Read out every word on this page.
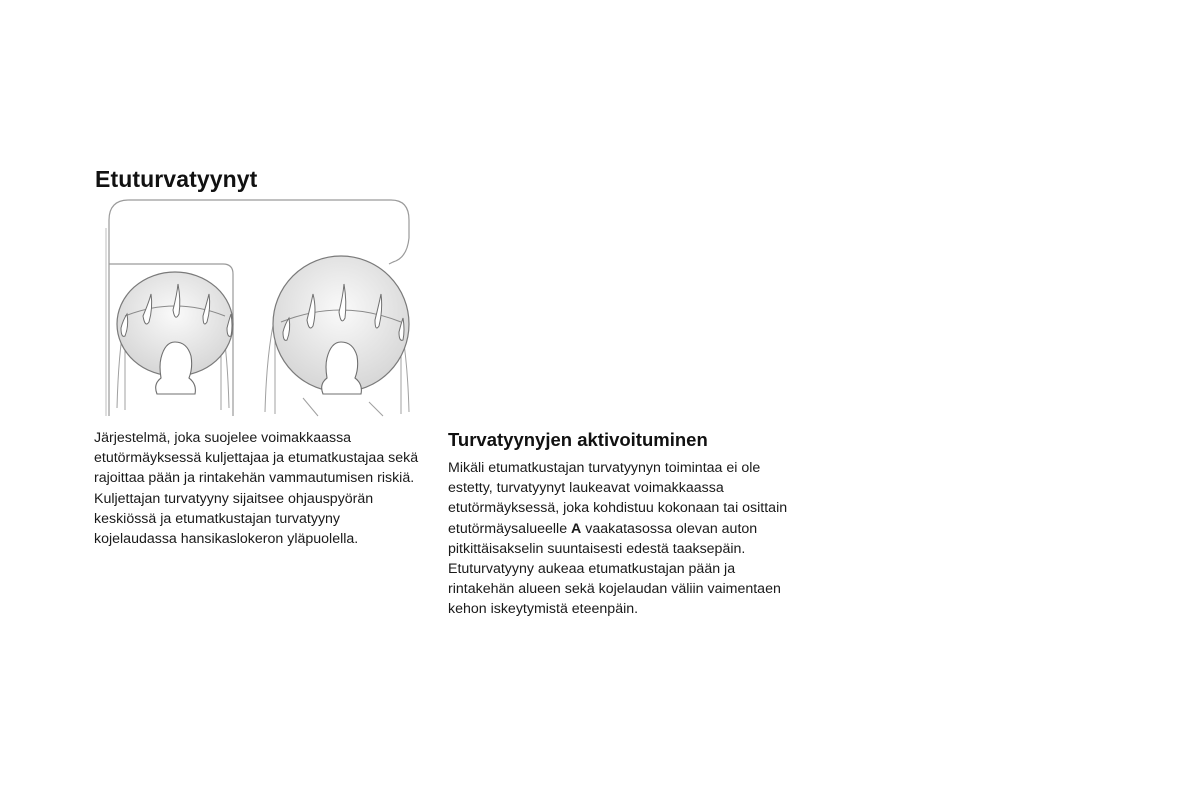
Etuturvatyynyt

Järjestelmä, joka suojelee voimakkaassa etutörmäyksessä kuljettajaa ja etumatkustajaa sekä rajoittaa pään ja rintakehän vammautumisen riskiä.

Kuljettajan turvatyyny sijaitsee ohjauspyörän keskiössä ja etumatkustajan turvatyyny kojelaudassa hansikaslokeron yläpuolella.

Turvatyynyjen aktivoituminen

Mikäli etumatkustajan turvatyynyn toimintaa ei ole estetty, turvatyynyt laukeavat voimakkaassa etutörmäyksessä, joka kohdistuu kokonaan tai osittain etutörmäysalueelle A vaakatasossa olevan auton pitkittäisakselin suuntaisesti edestä taaksepäin.

Etuturvatyyny aukeaa etumatkustajan pään ja rintakehän alueen sekä kojelaudan väliin vaimentaen kehon iskeytymistä eteenpäin.
